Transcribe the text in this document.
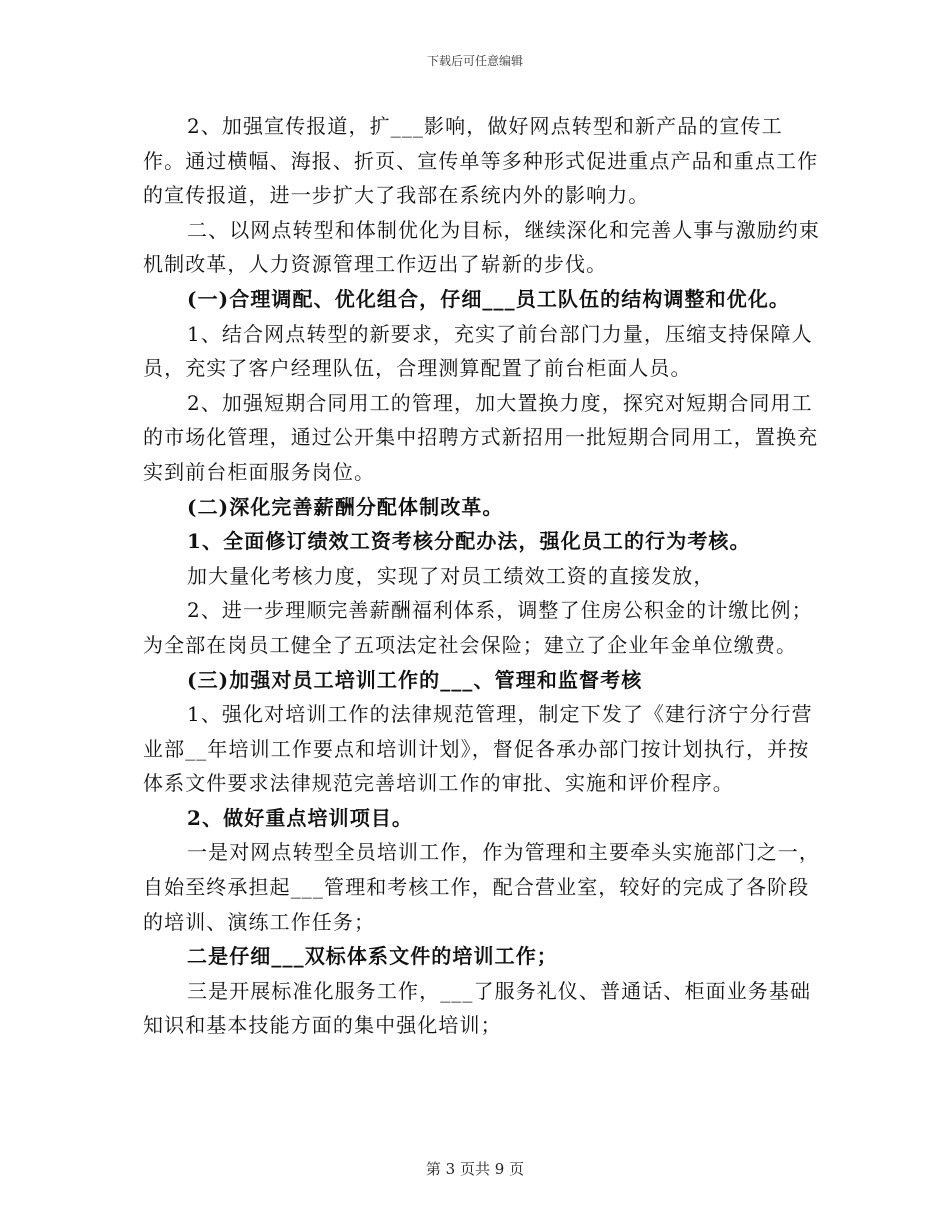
下载后可任意编辑

2、加强宣传报道，扩___影响，做好网点转型和新产品的宣传工作。通过横幅、海报、折页、宣传单等多种形式促进重点产品和重点工作的宣传报道，进一步扩大了我部在系统内外的影响力。

二、以网点转型和体制优化为目标，继续深化和完善人事与激励约束机制改革，人力资源管理工作迈出了崭新的步伐。

(一)合理调配、优化组合，仔细___员工队伍的结构调整和优化。

1、结合网点转型的新要求，充实了前台部门力量，压缩支持保障人员，充实了客户经理队伍，合理测算配置了前台柜面人员。

2、加强短期合同用工的管理，加大置换力度，探究对短期合同用工的市场化管理，通过公开集中招聘方式新招用一批短期合同用工，置换充实到前台柜面服务岗位。

(二)深化完善薪酬分配体制改革。

1、全面修订绩效工资考核分配办法，强化员工的行为考核。

加大量化考核力度，实现了对员工绩效工资的直接发放，

2、进一步理顺完善薪酬福利体系，调整了住房公积金的计缴比例；为全部在岗员工健全了五项法定社会保险；建立了企业年金单位缴费。

(三)加强对员工培训工作的___、管理和监督考核

1、强化对培训工作的法律规范管理，制定下发了《建行济宁分行营业部__年培训工作要点和培训计划》，督促各承办部门按计划执行，并按体系文件要求法律规范完善培训工作的审批、实施和评价程序。

2、做好重点培训项目。

一是对网点转型全员培训工作，作为管理和主要牵头实施部门之一，自始至终承担起___管理和考核工作，配合营业室，较好的完成了各阶段的培训、演练工作任务；

二是仔细___双标体系文件的培训工作；

三是开展标准化服务工作，___了服务礼仪、普通话、柜面业务基础知识和基本技能方面的集中强化培训；

第 3 页共 9 页
